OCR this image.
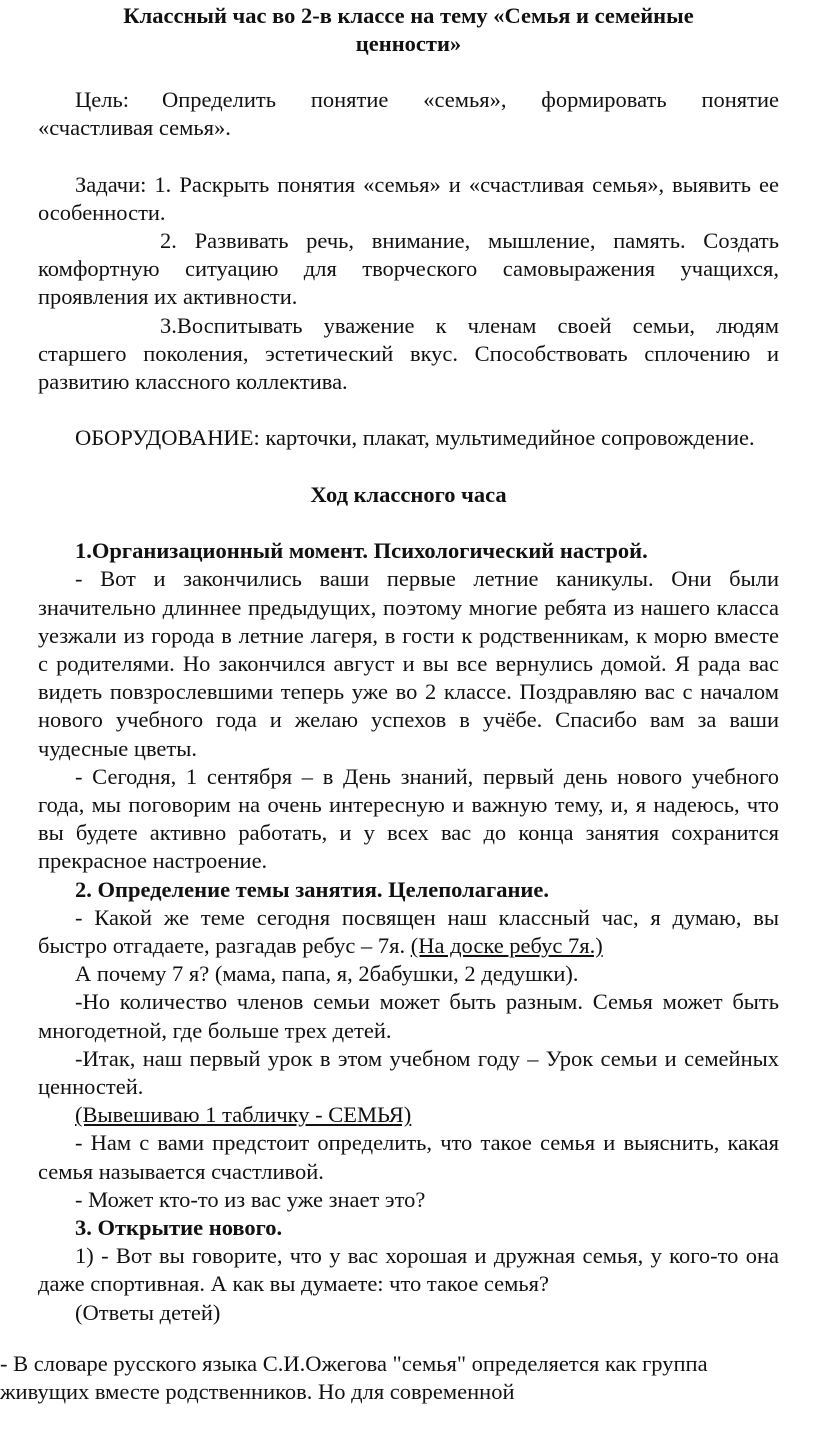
Классный час во 2-в классе на тему «Семья и семейные
ценности»

Цель: Определить понятие «семья», формировать понятие «счастливая семья».

Задачи: 1. Раскрыть понятия «семья» и «счастливая семья», выявить ее особенности.

2. Развивать речь, внимание, мышление, память. Создать комфортную ситуацию для творческого самовыражения учащихся, проявления их активности.

3.Воспитывать уважение к членам своей семьи, людям старшего поколения, эстетический вкус. Способствовать сплочению и развитию классного коллектива.

ОБОРУДОВАНИЕ: карточки, плакат, мультимедийное сопровождение.

Ход классного часа

1.Организационный момент. Психологический настрой.

- Вот и закончились ваши первые летние каникулы. Они были значительно длиннее предыдущих, поэтому многие ребята из нашего класса уезжали из города в летние лагеря, в гости к родственникам, к морю вместе с родителями. Но закончился август и вы все вернулись домой. Я рада вас видеть повзрослевшими теперь уже во 2 классе. Поздравляю вас с началом нового учебного года и желаю успехов в учёбе. Спасибо вам за ваши чудесные цветы.

- Сегодня, 1 сентября – в День знаний, первый день нового учебного года, мы поговорим на очень интересную и важную тему, и, я надеюсь, что вы будете активно работать, и у всех вас до конца занятия сохранится прекрасное настроение.

2. Определение темы занятия. Целеполагание.

- Какой же теме сегодня посвящен наш классный час, я думаю, вы быстро отгадаете, разгадав ребус – 7я. (На доске ребус 7я.)

А почему 7 я? (мама, папа, я, 2бабушки, 2 дедушки).

-Но количество членов семьи может быть разным. Семья может быть многодетной, где больше трех детей.

-Итак, наш первый урок в этом учебном году – Урок семьи и семейных ценностей.

(Вывешиваю 1 табличку - СЕМЬЯ)

- Нам с вами предстоит определить, что такое семья и выяснить, какая семья называется счастливой.

- Может кто-то из вас уже знает это?

3. Открытие нового.

1) - Вот вы говорите, что у вас хорошая и дружная семья, у кого-то она даже спортивная. А как вы думаете: что такое семья?

(Ответы детей)

- В словаре русского языка С.И.Ожегова "семья" определяется как группа

живущих вместе родственников. Но для современной
